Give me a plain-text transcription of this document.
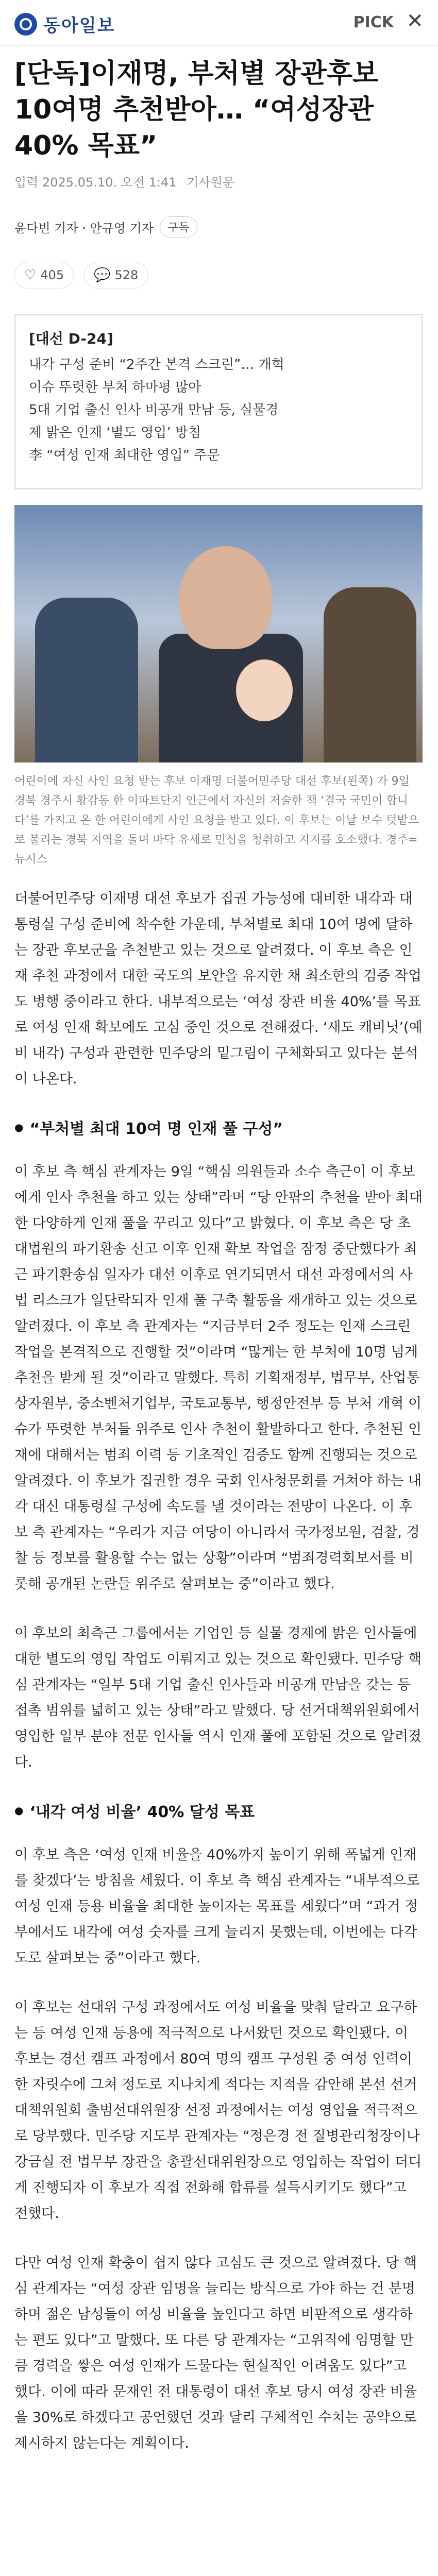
동아일보	PICK ✕
[단독]이재명, 부처별 장관후보 10여명 추천받아… “여성장관 40% 목표”
입력 2025.05.10. 오전 1:41 기사원문
윤다빈 기자 · 안규영 기자	구독
♡ 405 💬 528
[대선 D-24]
내각 구성 준비 “2주간 본격 스크린”… 개혁
이슈 뚜렷한 부처 하마평 많아
5대 기업 출신 인사 비공개 만남 등, 실물경
제 밝은 인재 ‘별도 영입’ 방침
李 “여성 인재 최대한 영입” 주문
어린이에 자신 사인 요청 받는 후보 이재명 더불어민주당 대선 후보(왼쪽) 가 9일 경북 경주시 황감동 한 이파트단지 인근에서 자신의 저술한 책 ‘결국 국민이 합니다’를 가지고 온 한 어린이에게 사인 요청을 받고 있다. 이 후보는 이날 보수 텃밭으로 불리는 경북 지역을 돌며 바닥 유세로 민심을 청취하고 지지를 호소했다. 경주=뉴시스

더불어민주당 이재명 대선 후보가 집권 가능성에 대비한 내각과 대통령실 구성 준비에 착수한 가운데, 부처별로 최대 10여 명에 달하는 장관 후보군을 추천받고 있는 것으로 알려졌다. 이 후보 측은 인재 추천 과정에서 대한 국도의 보안을 유지한 채 최소한의 검증 작업도 병행 중이라고 한다. 내부적으로는 ‘여성 장관 비율 40%’를 목표로 여성 인재 확보에도 고심 중인 것으로 전해졌다. ‘새도 캐비닛’(예비 내각) 구성과 관련한 민주당의 밑그림이 구체화되고 있다는 분석이 나온다.

● “부처별 최대 10여 명 인재 풀 구성”

이 후보 측 핵심 관계자는 9일 “핵심 의원들과 소수 측근이 이 후보에게 인사 추천을 하고 있는 상태”라며 “당 안팎의 추천을 받아 최대한 다양하게 인재 풀을 꾸리고 있다”고 밝혔다. 이 후보 측은 당 초 대법원의 파기환송 선고 이후 인재 확보 작업을 잠정 중단했다가 최근 파기환송심 일자가 대선 이후로 연기되면서 대선 과정에서의 사법 리스크가 일단락되자 인재 풀 구축 활동을 재개하고 있는 것으로 알려졌다. 이 후보 측 관계자는 “지금부터 2주 정도는 인재 스크린 작업을 본격적으로 진행할 것”이라며 “많게는 한 부처에 10명 넘게 추천을 받게 될 것”이라고 말했다. 특히 기획재정부, 법무부, 산업통상자원부, 중소벤처기업부, 국토교통부, 행정안전부 등 부처 개혁 이슈가 뚜렷한 부처들 위주로 인사 추천이 활발하다고 한다. 추천된 인재에 대해서는 범죄 이력 등 기초적인 검증도 함께 진행되는 것으로 알려졌다. 이 후보가 집권할 경우 국회 인사청문회를 거쳐야 하는 내각 대신 대통령실 구성에 속도를 낼 것이라는 전망이 나온다. 이 후보 측 관계자는 “우리가 지금 여당이 아니라서 국가정보원, 검찰, 경찰 등 정보를 활용할 수는 없는 상황”이라며 “범죄경력회보서를 비롯해 공개된 논란들 위주로 살펴보는 중”이라고 했다.

이 후보의 최측근 그룹에서는 기업인 등 실물 경제에 밝은 인사들에 대한 별도의 영입 작업도 이뤄지고 있는 것으로 확인됐다. 민주당 핵심 관계자는 “일부 5대 기업 출신 인사들과 비공개 만남을 갖는 등 접촉 범위를 넓히고 있는 상태”라고 말했다. 당 선거대책위원회에서 영입한 일부 분야 전문 인사들 역시 인재 풀에 포함된 것으로 알려졌다.

● ‘내각 여성 비율’ 40% 달성 목표

이 후보 측은 ‘여성 인재 비율을 40%까지 높이기 위해 폭넓게 인재를 찾겠다’는 방침을 세웠다. 이 후보 측 핵심 관계자는 “내부적으로 여성 인재 등용 비율을 최대한 높이자는 목표를 세웠다”며 “과거 정부에서도 내각에 여성 숫자를 크게 늘리지 못했는데, 이번에는 다각도로 살펴보는 중”이라고 했다.

이 후보는 선대위 구성 과정에서도 여성 비율을 맞춰 달라고 요구하는 등 여성 인재 등용에 적극적으로 나서왔던 것으로 확인됐다. 이 후보는 경선 캠프 과정에서 80여 명의 캠프 구성원 중 여성 인력이 한 자릿수에 그쳐 정도로 지나치게 적다는 지적을 감안해 본선 선거대책위원회 출범선대위원장 선정 과정에서는 여성 영입을 적극적으로 당부했다. 민주당 지도부 관계자는 “정은경 전 질병관리청장이나 강금실 전 법무부 장관을 총괄선대위원장으로 영입하는 작업이 더디게 진행되자 이 후보가 직접 전화해 합류를 설득시키기도 했다”고 전했다.

다만 여성 인재 확충이 쉽지 않다 고심도 큰 것으로 알려졌다. 당 핵심 관계자는 “여성 장관 임명을 늘리는 방식으로 가야 하는 건 분명하며 젊은 남성들이 여성 비율을 높인다고 하면 비판적으로 생각하는 편도 있다”고 말했다. 또 다른 당 관계자는 “고위직에 임명할 만큼 경력을 쌓은 여성 인재가 드물다는 현실적인 어려움도 있다”고 했다. 이에 따라 문재인 전 대통령이 대선 후보 당시 여성 장관 비율을 30%로 하겠다고 공언했던 것과 달리 구체적인 수치는 공약으로 제시하지 않는다는 계획이다.
